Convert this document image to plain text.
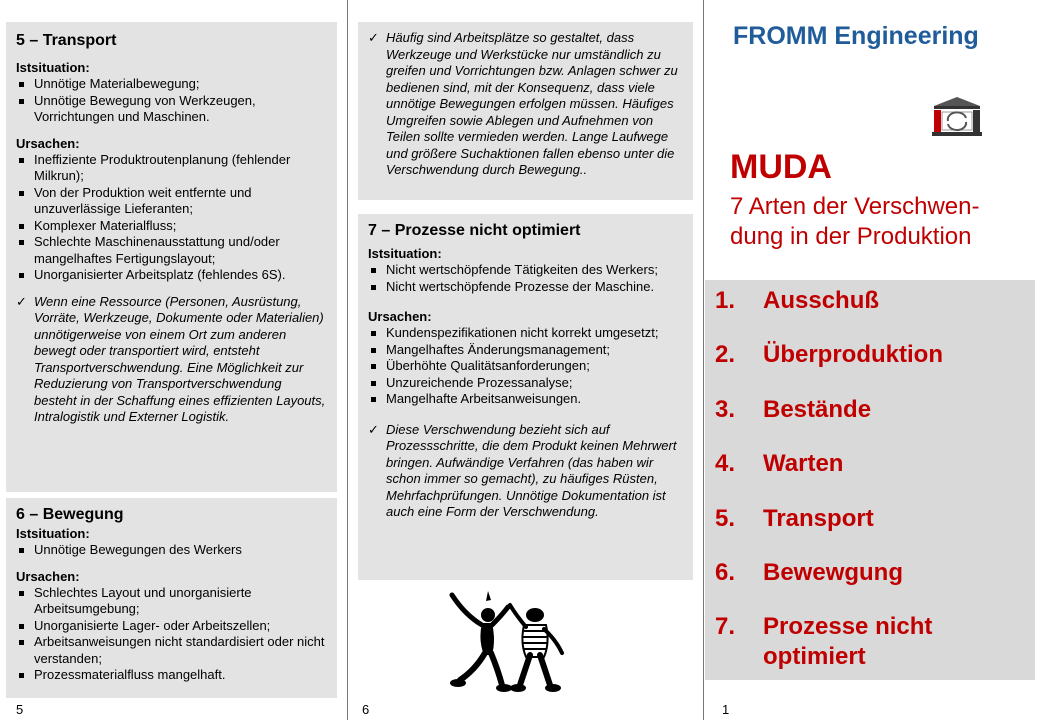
5 – Transport
Istsituation:
Unnötige Materialbewegung;
Unnötige Bewegung von Werkzeugen, Vorrichtungen und Maschinen.
Ursachen:
Ineffiziente Produktroutenplanung (fehlender Milkrun);
Von der Produktion weit entfernte und unzuverlässige Lieferanten;
Komplexer Materialfluss;
Schlechte Maschinenausstattung und/oder mangelhaftes Fertigungslayout;
Unorganisierter Arbeitsplatz (fehlendes 6S).
✓ Wenn eine Ressource (Personen, Ausrüstung, Vorräte, Werkzeuge, Dokumente oder Materialien) unnötigerweise von einem Ort zum anderen bewegt oder transportiert wird, entsteht Transportverschwendung. Eine Möglichkeit zur Reduzierung von Transportverschwendung besteht in der Schaffung eines effizienten Layouts, Intralogistik und Externer Logistik.
6 – Bewegung
Istsituation:
Unnötige Bewegungen des Werkers
Ursachen:
Schlechtes Layout und unorganisierte Arbeitsumgebung;
Unorganisierte Lager- oder Arbeitszellen;
Arbeitsanweisungen nicht standardisiert oder nicht verstanden;
Prozessmaterialfluss mangelhaft.
5
✓ Häufig sind Arbeitsplätze so gestaltet, dass Werkzeuge und Werkstücke nur umständlich zu greifen und Vorrichtungen bzw. Anlagen schwer zu bedienen sind, mit der Konsequenz, dass viele unnötige Bewegungen erfolgen müssen. Häufiges Umgreifen sowie Ablegen und Aufnehmen von Teilen sollte vermieden werden. Lange Laufwege und größere Suchaktionen fallen ebenso unter die Verschwendung durch Bewegung..
7 – Prozesse nicht optimiert
Istsituation:
Nicht wertschöpfende Tätigkeiten des Werkers;
Nicht wertschöpfende Prozesse der Maschine.
Ursachen:
Kundenspezifikationen nicht korrekt umgesetzt;
Mangelhaftes Änderungsmanagement;
Überhöhte Qualitätsanforderungen;
Unzureichende Prozessanalyse;
Mangelhafte Arbeitsanweisungen.
✓ Diese Verschwendung bezieht sich auf Prozessschritte, die dem Produkt keinen Mehrwert bringen. Aufwändige Verfahren (das haben wir schon immer so gemacht), zu häufiges Rüsten, Mehrfachprüfungen. Unnötige Dokumentation ist auch eine Form der Verschwendung.
6
FROMM Engineering
MUDA
7 Arten der Verschwen-dung in der Produktion
1. Ausschuß
2. Überproduktion
3. Bestände
4. Warten
5. Transport
6. Bewewgung
7. Prozesse nicht optimiert
1
